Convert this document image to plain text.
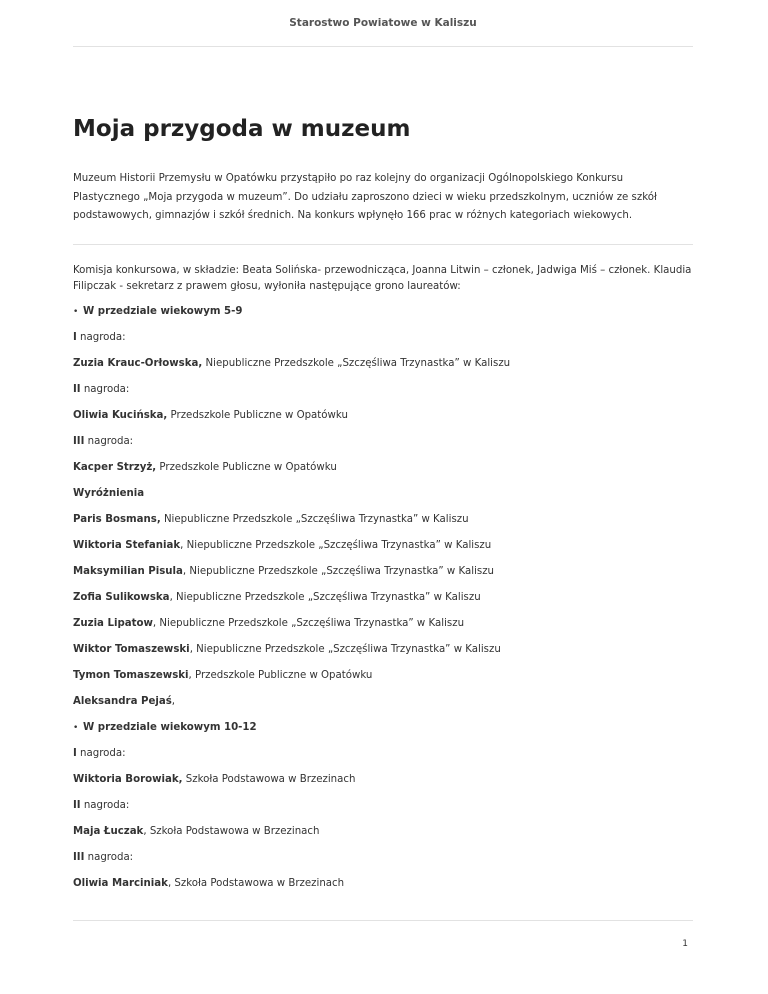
Starostwo Powiatowe w Kaliszu
Moja przygoda w muzeum

Muzeum Historii Przemysłu w Opatówku przystąpiło po raz kolejny do organizacji Ogólnopolskiego Konkursu Plastycznego „Moja przygoda w muzeum”. Do udziału zaproszono dzieci w wieku przedszkolnym, uczniów ze szkół podstawowych, gimnazjów i szkół średnich. Na konkurs wpłynęło 166 prac w różnych kategoriach wiekowych.

Komisja konkursowa, w składzie: Beata Solińska- przewodnicząca, Joanna Litwin – członek, Jadwiga Miś – członek. Klaudia Filipczak - sekretarz z prawem głosu, wyłoniła następujące grono laureatów:

• W przedziale wiekowym 5-9

I nagroda:

Zuzia Krauc-Orłowska, Niepubliczne Przedszkole „Szczęśliwa Trzynastka” w Kaliszu

II nagroda:

Oliwia Kucińska, Przedszkole Publiczne w Opatówku

III nagroda:

Kacper Strzyż, Przedszkole Publiczne w Opatówku

Wyróżnienia

Paris Bosmans, Niepubliczne Przedszkole „Szczęśliwa Trzynastka” w Kaliszu

Wiktoria Stefaniak, Niepubliczne Przedszkole „Szczęśliwa Trzynastka” w Kaliszu

Maksymilian Pisula, Niepubliczne Przedszkole „Szczęśliwa Trzynastka” w Kaliszu

Zofia Sulikowska, Niepubliczne Przedszkole „Szczęśliwa Trzynastka” w Kaliszu

Zuzia Lipatow, Niepubliczne Przedszkole „Szczęśliwa Trzynastka” w Kaliszu

Wiktor Tomaszewski, Niepubliczne Przedszkole „Szczęśliwa Trzynastka” w Kaliszu

Tymon Tomaszewski, Przedszkole Publiczne w Opatówku

Aleksandra Pejaś,

• W przedziale wiekowym 10-12

I nagroda:

Wiktoria Borowiak, Szkoła Podstawowa w Brzezinach

II nagroda:

Maja Łuczak, Szkoła Podstawowa w Brzezinach

III nagroda:

Oliwia Marciniak, Szkoła Podstawowa w Brzezinach

1
